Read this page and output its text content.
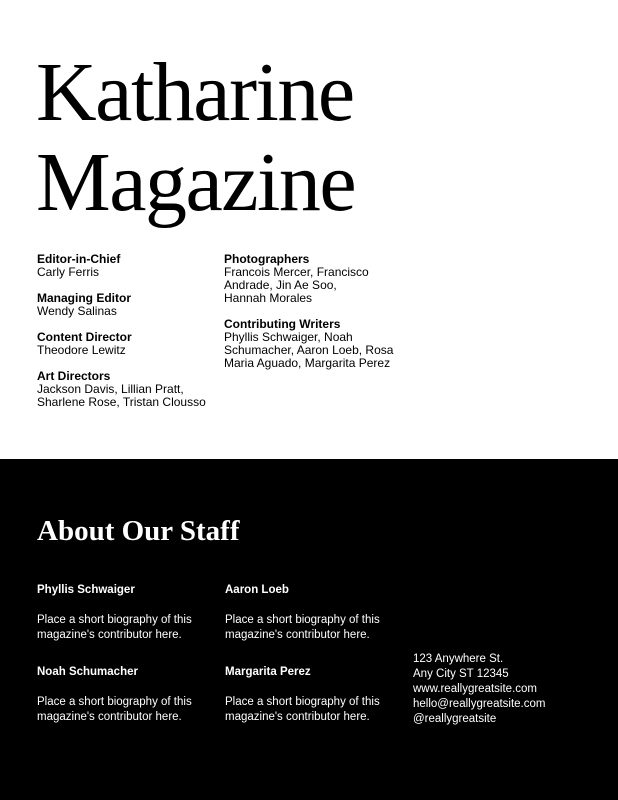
Katharine
Magazine
Editor-in-Chief
Carly Ferris
Managing Editor
Wendy Salinas
Content Director
Theodore Lewitz
Art Directors
Jackson Davis, Lillian Pratt,
Sharlene Rose, Tristan Clousso
Photographers
Francois Mercer, Francisco
Andrade, Jin Ae Soo,
Hannah Morales
Contributing Writers
Phyllis Schwaiger, Noah
Schumacher, Aaron Loeb, Rosa
Maria Aguado, Margarita Perez
About Our Staff
Phyllis Schwaiger
Place a short biography of this
magazine's contributor here.
Aaron Loeb
Place a short biography of this
magazine's contributor here.
Noah Schumacher
Place a short biography of this
magazine's contributor here.
Margarita Perez
Place a short biography of this
magazine's contributor here.
123 Anywhere St.
Any City ST 12345
www.reallygreatsite.com
hello@reallygreatsite.com
@reallygreatsite
